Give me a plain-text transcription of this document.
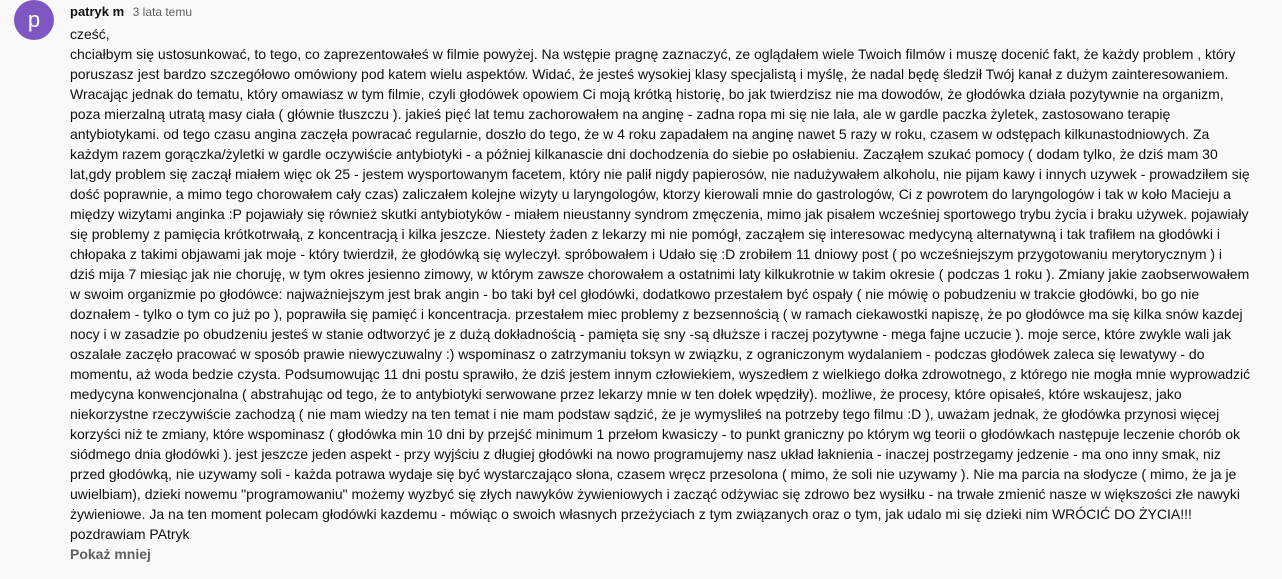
p	patryk m 3 lata temu

cześć,

chciałbym się ustosunkować, to tego, co zaprezentowałeś w filmie powyżej. Na wstępie pragnę zaznaczyć, ze oglądałem wiele Twoich filmów i muszę docenić fakt, że każdy problem , który

poruszasz jest bardzo szczegółowo omówiony pod katem wielu aspektów. Widać, że jesteś wysokiej klasy specjalistą i myślę, że nadal będę śledził Twój kanał z dużym zainteresowaniem.

Wracając jednak do tematu, który omawiasz w tym filmie, czyli głodówek opowiem Ci moją krótką historię, bo jak twierdzisz nie ma dowodów, że głodówka działa pozytywnie na organizm,

poza mierzalną utratą masy ciała ( głównie tłuszczu ). jakieś pięć lat temu zachorowałem na anginę - zadna ropa mi się nie lała, ale w gardle paczka żyletek, zastosowano terapię

antybiotykami. od tego czasu angina zaczęła powracać regularnie, doszło do tego, że w 4 roku zapadałem na anginę nawet 5 razy w roku, czasem w odstępach kilkunastodniowych. Za

każdym razem gorączka/żyletki w gardle oczywiście antybiotyki - a później kilkanascie dni dochodzenia do siebie po osłabieniu. Zacząłem szukać pomocy ( dodam tylko, że dziś mam 30

lat,gdy problem się zaczął miałem więc ok 25 - jestem wysportowanym facetem, który nie palił nigdy papierosów, nie nadużywałem alkoholu, nie pijam kawy i innych uzywek - prowadziłem się

dość poprawnie, a mimo tego chorowałem cały czas) zaliczałem kolejne wizyty u laryngologów, ktorzy kierowali mnie do gastrologów, Ci z powrotem do laryngologów i tak w koło Macieju a

między wizytami anginka :P pojawiały się również skutki antybiotyków - miałem nieustanny syndrom zmęczenia, mimo jak pisałem wcześniej sportowego trybu życia i braku używek. pojawiały

się problemy z pamięcia krótkotrwałą, z koncentracją i kilka jeszcze. Niestety żaden z lekarzy mi nie pomógł, zacząłem się interesowac medycyną alternatywną i tak trafiłem na głodówki i

chłopaka z takimi objawami jak moje - który twierdził, że głodówką się wyleczył. spróbowałem i Udało się :D zrobiłem 11 dniowy post ( po wcześniejszym przygotowaniu merytorycznym ) i

dziś mija 7 miesiąc jak nie choruję, w tym okres jesienno zimowy, w którym zawsze chorowałem a ostatnimi laty kilkukrotnie w takim okresie ( podczas 1 roku ). Zmiany jakie zaobserwowałem

w swoim organizmie po głodówce: najważniejszym jest brak angin - bo taki był cel głodówki, dodatkowo przestałem być ospały ( nie mówię o pobudzeniu w trakcie głodówki, bo go nie

doznałem - tylko o tym co już po ), poprawiła się pamięć i koncentracja. przestałem miec problemy z bezsennością ( w ramach ciekawostki napiszę, że po głodówce ma się kilka snów kazdej

nocy i w zasadzie po obudzeniu jesteś w stanie odtworzyć je z dużą dokładnością - pamięta się sny -są dłuższe i raczej pozytywne - mega fajne uczucie ). moje serce, które zwykle wali jak

oszalałe zaczęło pracować w sposób prawie niewyczuwalny :) wspominasz o zatrzymaniu toksyn w związku, z ograniczonym wydalaniem - podczas głodówek zaleca się lewatywy - do

momentu, aż woda bedzie czysta. Podsumowując 11 dni postu sprawiło, że dziś jestem innym człowiekiem, wyszedłem z wielkiego dołka zdrowotnego, z którego nie mogła mnie wyprowadzić

medycyna konwencjonalna ( abstrahując od tego, że to antybiotyki serwowane przez lekarzy mnie w ten dołek wpędziły). możliwe, że procesy, które opisałeś, które wskaujesz, jako

niekorzystne rzeczywiście zachodzą ( nie mam wiedzy na ten temat i nie mam podstaw sądzić, że je wymysliłeś na potrzeby tego filmu :D ), uważam jednak, że głodówka przynosi więcej

korzyści niż te zmiany, które wspominasz ( głodówka min 10 dni by przejść minimum 1 przełom kwasiczy - to punkt graniczny po którym wg teorii o głodówkach następuje leczenie chorób ok

siódmego dnia głodówki ). jest jeszcze jeden aspekt - przy wyjściu z długiej głodówki na nowo programujemy nasz układ łaknienia - inaczej postrzegamy jedzenie - ma ono inny smak, niz

przed głodówką, nie uzywamy soli - każda potrawa wydaje się być wystarczająco słona, czasem wręcz przesolona ( mimo, że soli nie uzywamy ). Nie ma parcia na słodycze ( mimo, że ja je

uwielbiam), dzieki nowemu "programowaniu" możemy wyzbyć się złych nawyków żywieniowych i zacząć odżywiac się zdrowo bez wysiłku - na trwałe zmienić nasze w większości złe nawyki

żywieniowe. Ja na ten moment polecam głodówki kazdemu - mówiąc o swoich własnych przeżyciach z tym związanych oraz o tym, jak udalo mi się dzieki nim WRÓCIĆ DO ŻYCIA!!!

pozdrawiam PAtryk

Pokaż mniej
